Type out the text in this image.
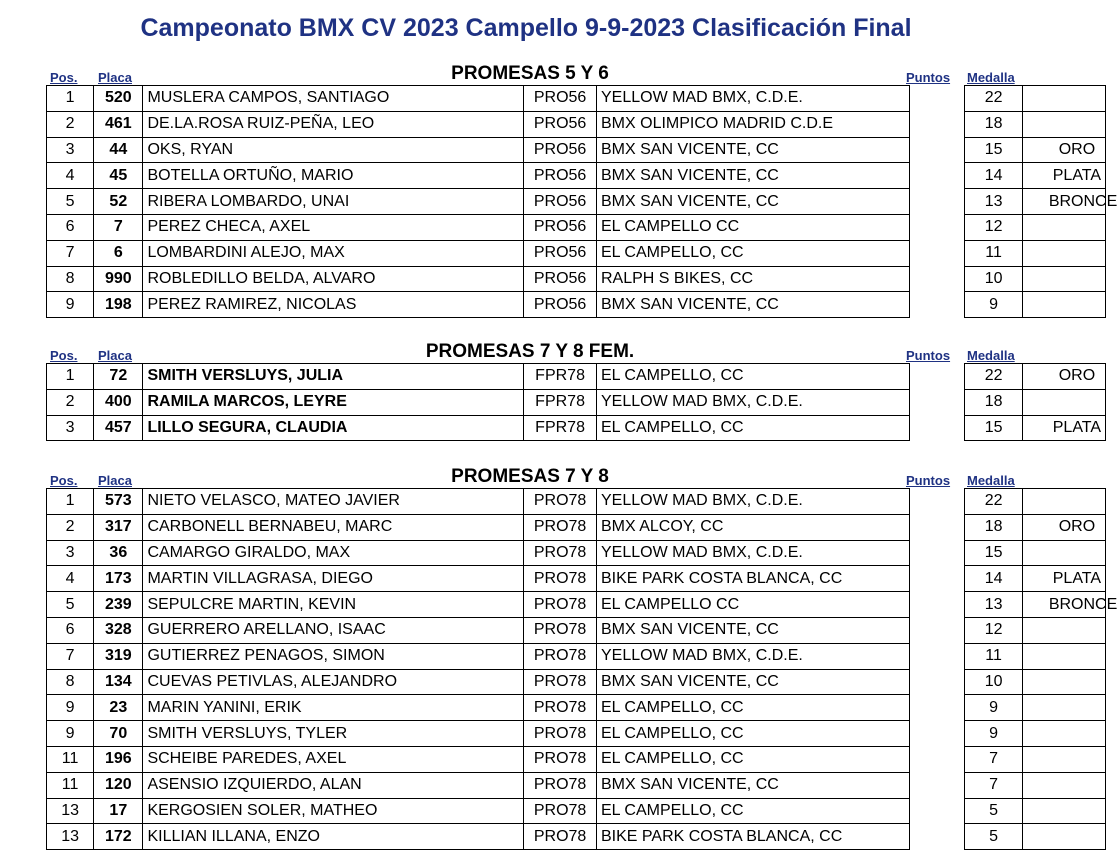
Campeonato BMX CV 2023 Campello 9-9-2023 Clasificación Final
Pos. Placa	PROMESAS 5 Y 6	Puntos Medalla
1	520	MUSLERA CAMPOS, SANTIAGO	PRO56	YELLOW MAD BMX, C.D.E.		22	
2	461	DE.LA.ROSA RUIZ-PEÑA, LEO	PRO56	BMX OLIMPICO MADRID C.D.E		18	
3	44	OKS, RYAN	PRO56	BMX SAN VICENTE, CC		15	ORO
4	45	BOTELLA ORTUÑO, MARIO	PRO56	BMX SAN VICENTE, CC		14	PLATA
5	52	RIBERA LOMBARDO, UNAI	PRO56	BMX SAN VICENTE, CC		13	BRONCE
6	7	PEREZ CHECA, AXEL	PRO56	EL CAMPELLO CC		12	
7	6	LOMBARDINI ALEJO, MAX	PRO56	EL CAMPELLO, CC		11	
8	990	ROBLEDILLO BELDA, ALVARO	PRO56	RALPH S BIKES, CC		10	
9	198	PEREZ RAMIREZ, NICOLAS	PRO56	BMX SAN VICENTE, CC		9	
Pos. Placa	PROMESAS 7 Y 8 FEM.	Puntos Medalla
1	72	SMITH VERSLUYS, JULIA	FPR78	EL CAMPELLO, CC		22	ORO
2	400	RAMILA MARCOS, LEYRE	FPR78	YELLOW MAD BMX, C.D.E.		18	
3	457	LILLO SEGURA, CLAUDIA	FPR78	EL CAMPELLO, CC		15	PLATA
Pos. Placa	PROMESAS 7 Y 8	Puntos Medalla
1	573	NIETO VELASCO, MATEO JAVIER	PRO78	YELLOW MAD BMX, C.D.E.		22	
2	317	CARBONELL BERNABEU, MARC	PRO78	BMX ALCOY, CC		18	ORO
3	36	CAMARGO GIRALDO, MAX	PRO78	YELLOW MAD BMX, C.D.E.		15	
4	173	MARTIN VILLAGRASA, DIEGO	PRO78	BIKE PARK COSTA BLANCA, CC		14	PLATA
5	239	SEPULCRE MARTIN, KEVIN	PRO78	EL CAMPELLO CC		13	BRONCE
6	328	GUERRERO ARELLANO, ISAAC	PRO78	BMX SAN VICENTE, CC		12	
7	319	GUTIERREZ PENAGOS, SIMON	PRO78	YELLOW MAD BMX, C.D.E.		11	
8	134	CUEVAS PETIVLAS, ALEJANDRO	PRO78	BMX SAN VICENTE, CC		10	
9	23	MARIN YANINI, ERIK	PRO78	EL CAMPELLO, CC		9	
9	70	SMITH VERSLUYS, TYLER	PRO78	EL CAMPELLO, CC		9	
11	196	SCHEIBE PAREDES, AXEL	PRO78	EL CAMPELLO, CC		7	
11	120	ASENSIO IZQUIERDO, ALAN	PRO78	BMX SAN VICENTE, CC		7	
13	17	KERGOSIEN SOLER, MATHEO	PRO78	EL CAMPELLO, CC		5	
13	172	KILLIAN ILLANA, ENZO	PRO78	BIKE PARK COSTA BLANCA, CC		5	
